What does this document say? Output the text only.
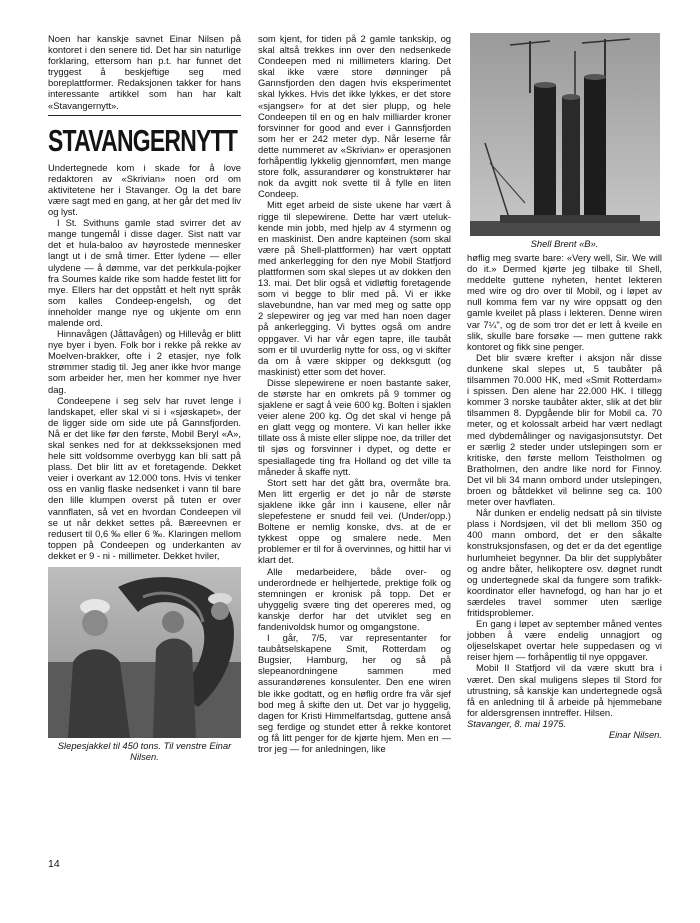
Noen har kanskje savnet Einar Nilsen på kontoret i den senere tid. Det har sin naturlige forklaring, ettersom han p.t. har funnet det tryggest å beskjeftige seg med boreplattformer. Redaksjonen takker for hans interessante artikkel som han har kalt «Stavangernytt».

STAVANGERNYTT

Undertegnede kom i skade for å love redaktoren av «Skrivian» noen ord om aktivitetene her i Stavanger. Og la det bare være sagt med en gang, at her går det med liv og lyst.

I St. Svithuns gamle stad svirrer det av mange tungemål i disse dager. Sist natt var det et hula-baloo av høyrostede mennesker langt ut i de små timer. Etter lydene — eller ulydene — å dømme, var det perkkula-pojker fra Soumes kalde rike som hadde festet litt for mye. Ellers har det oppstått et helt nytt språk som kalles Condeep-engelsh, og det inneholder mange nye og ukjente om enn malende ord.

Hinnavågen (Jåttavågen) og Hillevåg er blitt nye byer i byen. Folk bor i rekke på rekke av Moelven-brakker, ofte i 2 etasjer, nye folk strømmer stadig til. Jeg aner ikke hvor mange som arbeider her, men her kommer nye hver dag.

Condeepene i seg selv har ruvet lenge i landskapet, eller skal vi si i «sjøskapet», der de ligger side om side ute på Gannsfjorden. Nå er det like før den første, Mobil Beryl «A», skal senkes ned for at dekksseksjonen med hele sitt voldsomme overbygg kan bli satt på plass. Det blir litt av et foretagende. Dekket veier i overkant av 12.000 tons. Hvis vi tenker oss en vanlig flaske nedsenket i vann til bare den lille klumpen overst på tuten er over vannflaten, så vet en hvordan Condeepen vil se ut når dekket settes på. Bæreevnen er redusert til 0,6 ‰ eller 6 ‰. Klaringen mellom toppen på Condeepen og underkanten av dekket er 9 - ni - millimeter. Dekket hviler,

Slepesjakkel til 450 tons. Til venstre Einar Nilsen.

som kjent, for tiden på 2 gamle tankskip, og skal altså trekkes inn over den nedsenkede Condeepen med ni millimeters klaring. Det skal ikke være store dønninger på Gannsfjorden den dagen hvis eksperimentet skal lykkes. Hvis det ikke lykkes, er det store «sjangser» for at det sier plupp, og hele Condeepen til en og en halv milliarder kroner forsvinner for good and ever i Gannsfjorden som her er 242 meter dyp. Når leserne får dette nummeret av «Skrivian» er operasjonen forhåpentlig lykkelig gjennomført, men mange store folk, assurandører og konstruktører har nok da avgitt nok svette til å fylle en liten Condeep.

Mitt eget arbeid de siste ukene har vært å rigge til slepewirene. Dette har vært utelukkende min jobb, med hjelp av 4 styrmenn og en maskinist. Den andre kapteinen (som skal være på Shell-plattformen) har vært opptatt med ankerlegging for den nye Mobil Statfjord plattformen som skal slepes ut av dokken den 13. mai. Det blir også et vidløftig foretagende som vi begge to blir med på. Vi er ikke slavebundne, han var med meg og satte opp 2 slepewirer og jeg var med han noen dager på ankerlegging. Vi byttes også om andre oppgaver. Vi har vår egen tapre, ille taubåt som er til uvurderlig nytte for oss, og vi skifter da om å være skipper og dekksgutt (og maskinist) etter som det hover.

Disse slepewirene er noen bastante saker, de største har en omkrets på 9 tommer og sjaklene er sagt å veie 600 kg. Bolten i sjaklen veier alene 200 kg. Og det skal vi henge på en glatt vegg og montere. Vi kan heller ikke tillate oss å miste eller slippe noe, da triller det til sjøs og forsvinner i dypet, og dette er spesiallagede ting fra Holland og det ville ta måneder å skaffe nytt.

Stort sett har det gått bra, overmåte bra. Men litt ergerlig er det jo når de største sjaklene ikke går inn i kausene, eller når slepefestene er snudd feil vei. (Under/opp.) Boltene er nemlig konske, dvs. at de er tykkest oppe og smalere nede. Men problemer er til for å overvinnes, og hittil har vi klart det.

Alle medarbeidere, både over- og underordnede er helhjertede, prektige folk og stemningen er kronisk på topp. Det er uhyggelig svære ting det opereres med, og kanskje derfor har det utviklet seg en fandenivoldsk humor og omgangstone.

I går, 7/5, var representanter for taubåtselskapene Smit, Rotterdam og Bugsier, Hamburg, her og så på slepeanordningene sammen med assurandørenes konsulenter. Den ene wiren ble ikke godtatt, og en høflig ordre fra vår sjef bod meg å skifte den ut. Det var jo hyggelig, dagen for Kristi Himmelfartsdag, guttene anså seg ferdige og stundet etter å rekke kontoret og få litt penger for de kjørte hjem. Men en — tror jeg — for anledningen, like

Shell Brent «B».

høflig meg svarte bare: «Very well, Sir. We will do it.» Dermed kjørte jeg tilbake til Shell, meddelte guttene nyheten, hentet lekteren med wire og dro over til Mobil, og i løpet av null komma fem var ny wire oppsatt og den gamle kveilet på plass i lekteren. Denne wiren var 7¼", og de som tror det er lett å kveile en slik, skulle bare forsøke — men guttene rakk kontoret og fikk sine penger.

Det blir svære krefter i aksjon når disse dunkene skal slepes ut, 5 taubåter på tilsammen 70.000 HK, med «Smit Rotterdam» i spissen. Den alene har 22.000 HK. I tillegg kommer 3 norske taubåter akter, slik at det blir tilsammen 8. Dypgående blir for Mobil ca. 70 meter, og et kolossalt arbeid har vært nedlagt med dybdemålinger og navigasjonsutstyr. Det er særlig 2 steder under utslepingen som er kritiske, den første mellom Teistholmen og Bratholmen, den andre like nord for Finnoy. Det vil bli 34 mann ombord under utslepingen, broen og båtdekket vil belinne seg ca. 100 meter over havflaten.

Når dunken er endelig nedsatt på sin tilviste plass i Nordsjøen, vil det bli mellom 350 og 400 mann ombord, det er den såkalte konstruksjonsfasen, og det er da det egentlige hurlumheiet begynner. Da blir det supplybåter og andre båter, helikoptere osv. døgnet rundt og undertegnede skal da fungere som trafikk-koordinator eller havnefogd, og han har jo et særdeles travel sommer uten særlige fritidsproblemer.

En gang i løpet av september måned ventes jobben å være endelig unnagjort og oljeselskapet overtar hele suppedasen og vi reiser hjem — forhåpentlig til nye oppgaver.

Mobil II Statfjord vil da være skutt bra i været. Den skal muligens slepes til Stord for utrustning, så kanskje kan undertegnede også få en anledning til å arbeide på hjemmebane for aldersgrensen inntreffer. Hilsen.

Stavanger, 8. mai 1975.
Einar Nilsen.

14
